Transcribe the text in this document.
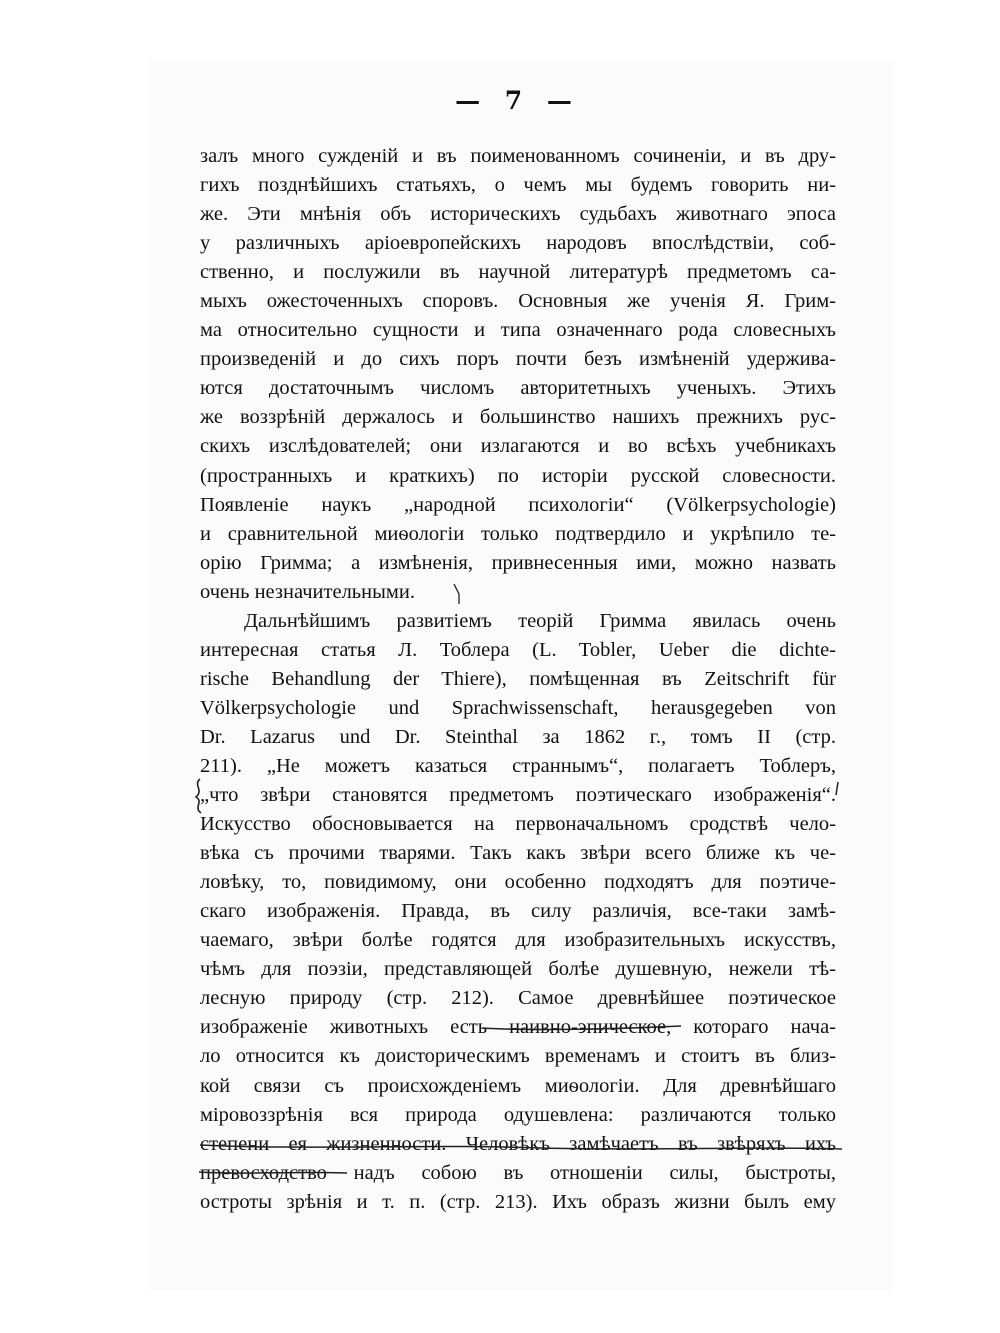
— 7 —
залъ много сужденій и въ поименованномъ сочиненіи, и въ дру-
гихъ позднѣйшихъ статьяхъ, о чемъ мы будемъ говорить ни-
же. Эти мнѣнія объ историческихъ судьбахъ животнаго эпоса
у различныхъ аріоевропейскихъ народовъ впослѣдствіи, соб-
ственно, и послужили въ научной литературѣ предметомъ са-
мыхъ ожесточенныхъ споровъ. Основныя же ученія Я. Грим-
ма относительно сущности и типа означеннаго рода словесныхъ
произведеній и до сихъ поръ почти безъ измѣненій удержива-
ются достаточнымъ числомъ авторитетныхъ ученыхъ. Этихъ
же воззрѣній держалось и большинство нашихъ прежнихъ рус-
скихъ изслѣдователей; они излагаются и во всѣхъ учебникахъ
(пространныхъ и краткихъ) по исторіи русской словесности.
Появленіе наукъ „народной психологіи“ (Völkerpsychologie)
и сравнительной миѳологіи только подтвердило и укрѣпило те-
орію Гримма; а измѣненія, привнесенныя ими, можно назвать
очень незначительными.
Дальнѣйшимъ развитіемъ теорій Гримма явилась очень
интересная статья Л. Тоблера (L. Tobler, Ueber die dichte-
rische Behandlung der Thiere), помѣщенная въ Zeitschrift für
Völkerpsychologie und Sprachwissenschaft, herausgegeben von
Dr. Lazarus und Dr. Steinthal за 1862 г., томъ II (стр.
211). „Не можетъ казаться страннымъ“, полагаетъ Тоблеръ,
„что звѣри становятся предметомъ поэтическаго изображенія“.
Искусство обосновывается на первоначальномъ сродствѣ чело-
вѣка съ прочими тварями. Такъ какъ звѣри всего ближе къ че-
ловѣку, то, повидимому, они особенно подходятъ для поэтиче-
скаго изображенія. Правда, въ силу различія, все-таки замѣ-
чаемаго, звѣри болѣе годятся для изобразительныхъ искусствъ,
чѣмъ для поэзіи, представляющей болѣе душевную, нежели тѣ-
лесную природу (стр. 212). Самое древнѣйшее поэтическое
изображеніе животныхъ есть наивно-эпическое, котораго нача-
ло относится къ доисторическимъ временамъ и стоитъ въ близ-
кой связи съ происхожденіемъ миѳологіи. Для древнѣйшаго
міровоззрѣнія вся природа одушевлена: различаются только
степени ея жизненности. Человѣкъ замѣчаетъ въ звѣряхъ ихъ
превосходство надъ собою въ отношеніи силы, быстроты,
остроты зрѣнія и т. п. (стр. 213). Ихъ образъ жизни былъ ему
